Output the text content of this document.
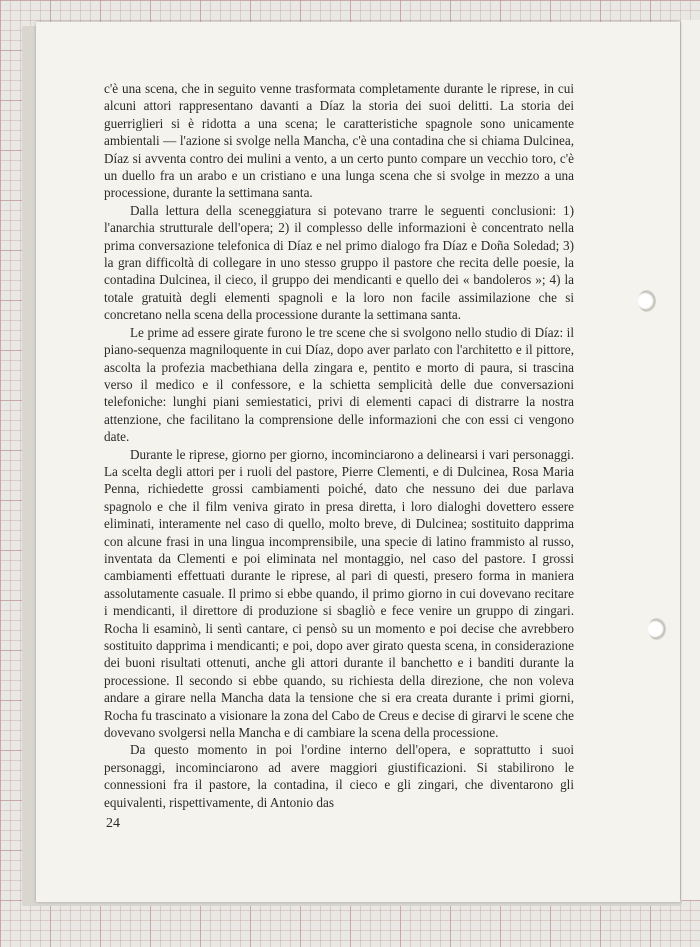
c'è una scena, che in seguito venne trasformata completamente durante le riprese, in cui alcuni attori rappresentano davanti a Díaz la storia dei suoi delitti. La storia dei guerriglieri si è ridotta a una scena; le caratteristiche spagnole sono unicamente ambientali — l'azione si svolge nella Mancha, c'è una contadina che si chiama Dulcinea, Díaz si avventa contro dei mulini a vento, a un certo punto compare un vecchio toro, c'è un duello fra un arabo e un cristiano e una lunga scena che si svolge in mezzo a una processione, durante la settimana santa.

Dalla lettura della sceneggiatura si potevano trarre le seguenti conclusioni: 1) l'anarchia strutturale dell'opera; 2) il complesso delle informazioni è concentrato nella prima conversazione telefonica di Díaz e nel primo dialogo fra Díaz e Doña Soledad; 3) la gran difficoltà di collegare in uno stesso gruppo il pastore che recita delle poesie, la contadina Dulcinea, il cieco, il gruppo dei mendicanti e quello dei « bandoleros »; 4) la totale gratuità degli elementi spagnoli e la loro non facile assimilazione che si concretano nella scena della processione durante la settimana santa.

Le prime ad essere girate furono le tre scene che si svolgono nello studio di Díaz: il piano-sequenza magniloquente in cui Díaz, dopo aver parlato con l'architetto e il pittore, ascolta la profezia macbethiana della zingara e, pentito e morto di paura, si trascina verso il medico e il confessore, e la schietta semplicità delle due conversazioni telefoniche: lunghi piani semiestatici, privi di elementi capaci di distrarre la nostra attenzione, che facilitano la comprensione delle informazioni che con essi ci vengono date.

Durante le riprese, giorno per giorno, incominciarono a delinearsi i vari personaggi. La scelta degli attori per i ruoli del pastore, Pierre Clementi, e di Dulcinea, Rosa Maria Penna, richiedette grossi cambiamenti poiché, dato che nessuno dei due parlava spagnolo e che il film veniva girato in presa diretta, i loro dialoghi dovettero essere eliminati, interamente nel caso di quello, molto breve, di Dulcinea; sostituito dapprima con alcune frasi in una lingua incomprensibile, una specie di latino frammisto al russo, inventata da Clementi e poi eliminata nel montaggio, nel caso del pastore. I grossi cambiamenti effettuati durante le riprese, al pari di questi, presero forma in maniera assolutamente casuale. Il primo si ebbe quando, il primo giorno in cui dovevano recitare i mendicanti, il direttore di produzione si sbagliò e fece venire un gruppo di zingari. Rocha li esaminò, li sentì cantare, ci pensò su un momento e poi decise che avrebbero sostituito dapprima i mendicanti; e poi, dopo aver girato questa scena, in considerazione dei buoni risultati ottenuti, anche gli attori durante il banchetto e i banditi durante la processione. Il secondo si ebbe quando, su richiesta della direzione, che non voleva andare a girare nella Mancha data la tensione che si era creata durante i primi giorni, Rocha fu trascinato a visionare la zona del Cabo de Creus e decise di girarvi le scene che dovevano svolgersi nella Mancha e di cambiare la scena della processione.

Da questo momento in poi l'ordine interno dell'opera, e soprattutto i suoi personaggi, incominciarono ad avere maggiori giustificazioni. Si stabilirono le connessioni fra il pastore, la contadina, il cieco e gli zingari, che diventarono gli equivalenti, rispettivamente, di Antonio das

24
